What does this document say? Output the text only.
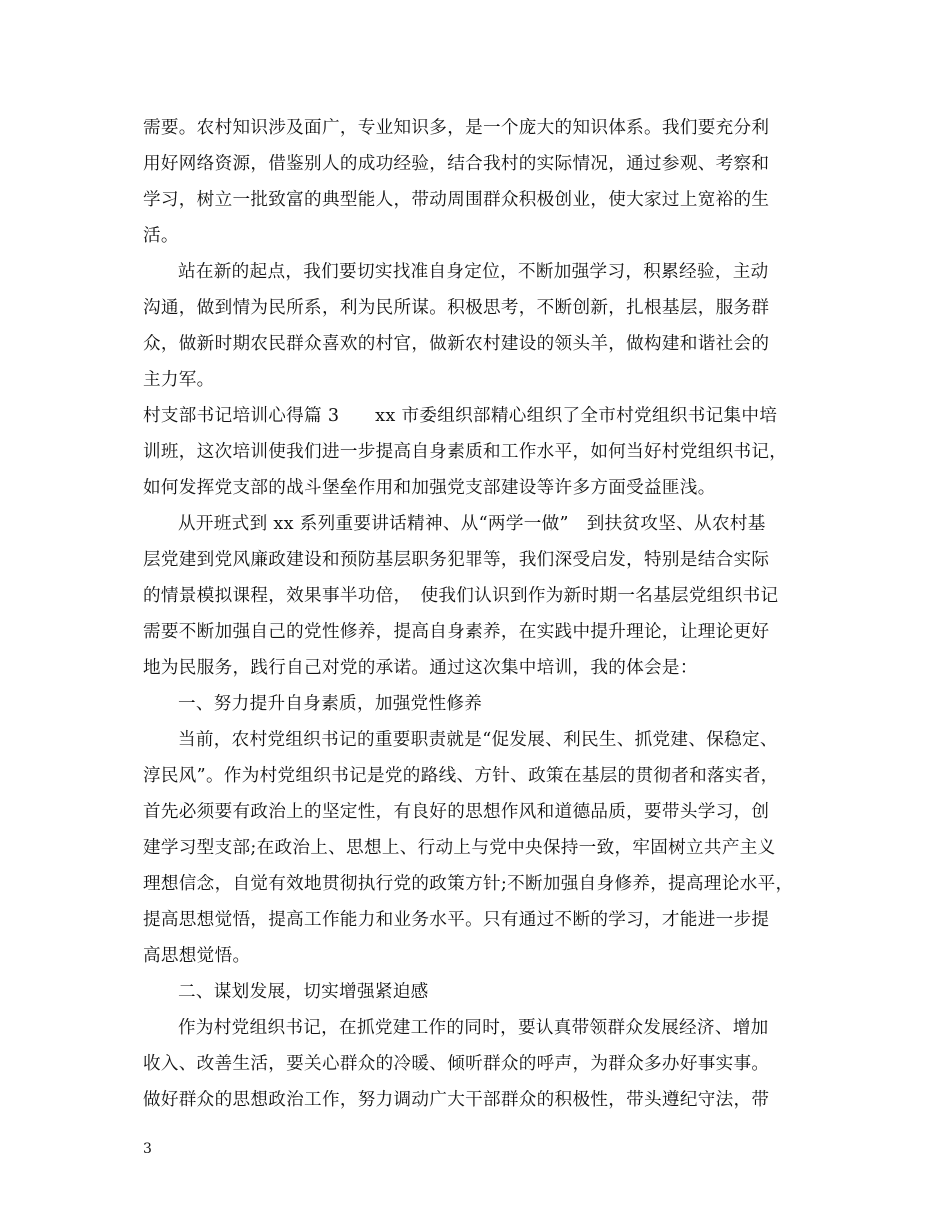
需要。农村知识涉及面广，专业知识多，是一个庞大的知识体系。我们要充分利
用好网络资源，借鉴别人的成功经验，结合我村的实际情况，通过参观、考察和
学习，树立一批致富的典型能人，带动周围群众积极创业，使大家过上宽裕的生
活。
站在新的起点，我们要切实找准自身定位，不断加强学习，积累经验，主动
沟通，做到情为民所系，利为民所谋。积极思考，不断创新，扎根基层，服务群
众，做新时期农民群众喜欢的村官，做新农村建设的领头羊，做构建和谐社会的
主力军。
村支部书记培训心得篇 3　　xx 市委组织部精心组织了全市村党组织书记集中培
训班，这次培训使我们进一步提高自身素质和工作水平，如何当好村党组织书记，
如何发挥党支部的战斗堡垒作用和加强党支部建设等许多方面受益匪浅。
从开班式到 xx 系列重要讲话精神、从“两学一做”　到扶贫攻坚、从农村基
层党建到党风廉政建设和预防基层职务犯罪等，我们深受启发，特别是结合实际
的情景模拟课程，效果事半功倍，　使我们认识到作为新时期一名基层党组织书记
需要不断加强自己的党性修养，提高自身素养，在实践中提升理论，让理论更好
地为民服务，践行自己对党的承诺。通过这次集中培训，我的体会是：
一、努力提升自身素质，加强党性修养
当前，农村党组织书记的重要职责就是“促发展、利民生、抓党建、保稳定、
淳民风”。作为村党组织书记是党的路线、方针、政策在基层的贯彻者和落实者，
首先必须要有政治上的坚定性，有良好的思想作风和道德品质，要带头学习，创
建学习型支部;在政治上、思想上、行动上与党中央保持一致，牢固树立共产主义
理想信念，自觉有效地贯彻执行党的政策方针;不断加强自身修养，提高理论水平，
提高思想觉悟，提高工作能力和业务水平。只有通过不断的学习，才能进一步提
高思想觉悟。
二、谋划发展，切实增强紧迫感
作为村党组织书记，在抓党建工作的同时，要认真带领群众发展经济、增加
收入、改善生活，要关心群众的冷暖、倾听群众的呼声，为群众多办好事实事。
做好群众的思想政治工作，努力调动广大干部群众的积极性，带头遵纪守法，带
3
